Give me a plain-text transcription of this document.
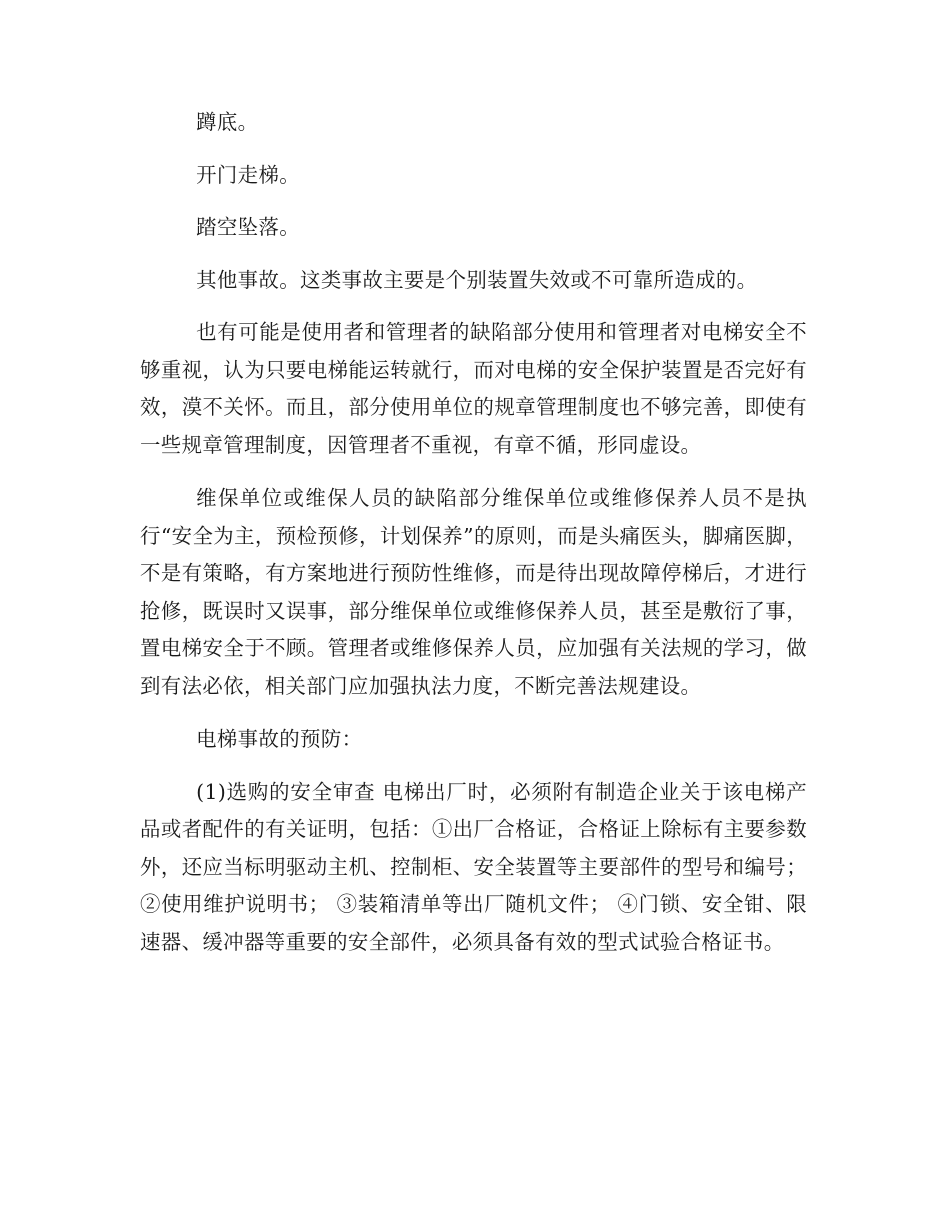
蹲底。

开门走梯。

踏空坠落。

其他事故。这类事故主要是个别装置失效或不可靠所造成的。

也有可能是使用者和管理者的缺陷部分使用和管理者对电梯安全不够重视，认为只要电梯能运转就行，而对电梯的安全保护装置是否完好有效，漠不关怀。而且，部分使用单位的规章管理制度也不够完善，即使有一些规章管理制度，因管理者不重视，有章不循，形同虚设。

维保单位或维保人员的缺陷部分维保单位或维修保养人员不是执行“安全为主，预检预修，计划保养”的原则，而是头痛医头，脚痛医脚，不是有策略，有方案地进行预防性维修，而是待出现故障停梯后，才进行抢修，既误时又误事，部分维保单位或维修保养人员，甚至是敷衍了事，置电梯安全于不顾。管理者或维修保养人员，应加强有关法规的学习，做到有法必依，相关部门应加强执法力度，不断完善法规建设。

电梯事故的预防：

(1)选购的安全审查 电梯出厂时，必须附有制造企业关于该电梯产品或者配件的有关证明，包括：①出厂合格证，合格证上除标有主要参数外，还应当标明驱动主机、控制柜、安全装置等主要部件的型号和编号； ②使用维护说明书； ③装箱清单等出厂随机文件； ④门锁、安全钳、限速器、缓冲器等重要的安全部件，必须具备有效的型式试验合格证书。
